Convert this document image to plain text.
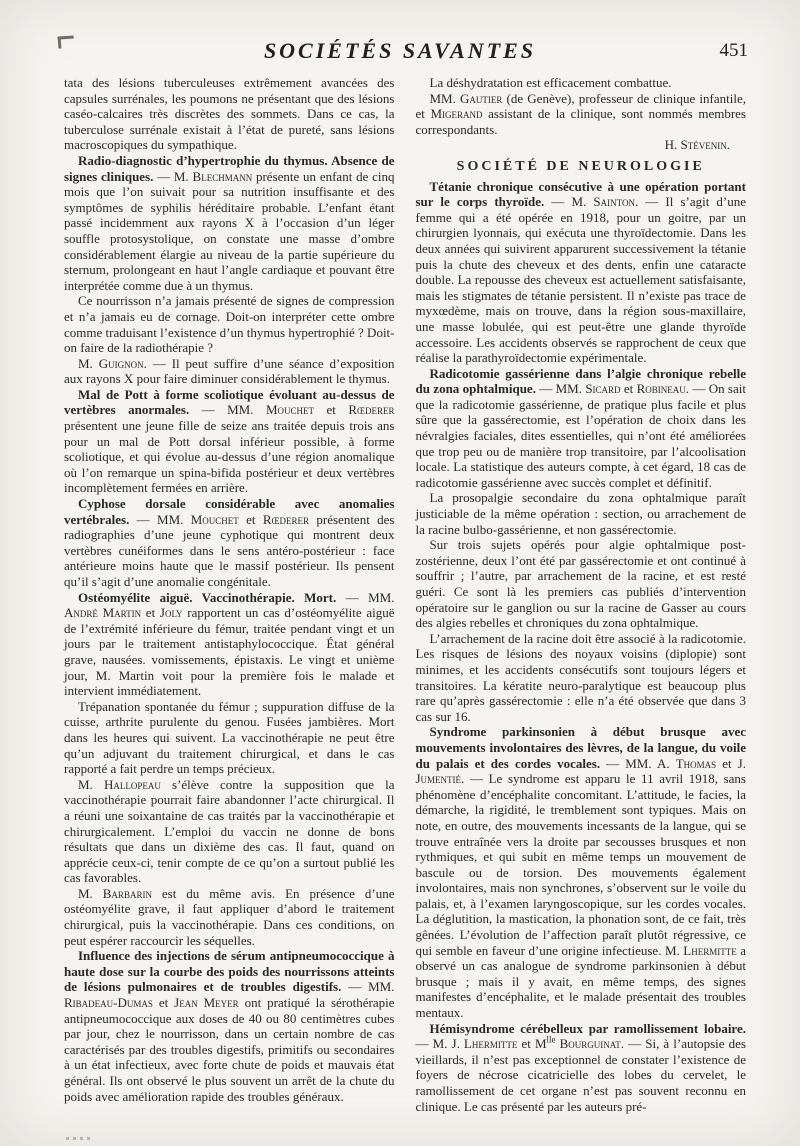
SOCIÉTÉS SAVANTES	451

tata des lésions tuberculeuses extrêmement avancées des capsules surrénales, les poumons ne présentant que des lésions caséo-calcaires très discrètes des sommets. Dans ce cas, la tuberculose surrénale existait à l’état de pureté, sans lésions macroscopiques du sympathique.

Radio-diagnostic d’hypertrophie du thymus. Absence de signes cliniques. — M. Blechmann présente un enfant de cinq mois que l’on suivait pour sa nutrition insuffisante et des symptômes de syphilis héréditaire probable. L’enfant étant passé incidemment aux rayons X à l’occasion d’un léger souffle protosystolique, on constate une masse d’ombre considérablement élargie au niveau de la partie supérieure du sternum, prolongeant en haut l’angle cardiaque et pouvant être interprétée comme due à un thymus.

Ce nourrisson n’a jamais présenté de signes de compression et n’a jamais eu de cornage. Doit-on interpréter cette ombre comme traduisant l’existence d’un thymus hypertrophié ? Doit-on faire de la radiothérapie ?

M. Guignon. — Il peut suffire d’une séance d’exposition aux rayons X pour faire diminuer considérablement le thymus.

Mal de Pott à forme scoliotique évoluant au-dessus de vertèbres anormales. — MM. Mouchet et Rœderer présentent une jeune fille de seize ans traitée depuis trois ans pour un mal de Pott dorsal inférieur possible, à forme scoliotique, et qui évolue au-dessus d’une région anomalique où l’on remarque un spina-bifida postérieur et deux vertèbres incomplètement fermées en arrière.

Cyphose dorsale considérable avec anomalies vertébrales. — MM. Mouchet et Rœderer présentent des radiographies d’une jeune cyphotique qui montrent deux vertèbres cunéiformes dans le sens antéro-postérieur : face antérieure moins haute que le massif postérieur. Ils pensent qu’il s’agit d’une anomalie congénitale.

Ostéomyélite aiguë. Vaccinothérapie. Mort. — MM. André Martin et Joly rapportent un cas d’ostéomyélite aiguë de l’extrémité inférieure du fémur, traitée pendant vingt et un jours par le traitement antistaphylococcique. État général grave, nausées. vomissements, épistaxis. Le vingt et unième jour, M. Martin voit pour la première fois le malade et intervient immédiatement.

Trépanation spontanée du fémur ; suppuration diffuse de la cuisse, arthrite purulente du genou. Fusées jambières. Mort dans les heures qui suivent. La vaccinothérapie ne peut être qu’un adjuvant du traitement chirurgical, et dans le cas rapporté a fait perdre un temps précieux.

M. Hallopeau s’élève contre la supposition que la vaccinothérapie pourrait faire abandonner l’acte chirurgical. Il a réuni une soixantaine de cas traités par la vaccinothérapie et chirurgicalement. L’emploi du vaccin ne donne de bons résultats que dans un dixième des cas. Il faut, quand on apprécie ceux-ci, tenir compte de ce qu’on a surtout publié les cas favorables.

M. Barbarin est du même avis. En présence d’une ostéomyélite grave, il faut appliquer d’abord le traitement chirurgical, puis la vaccinothérapie. Dans ces conditions, on peut espérer raccourcir les séquelles.

Influence des injections de sérum antipneumococcique à haute dose sur la courbe des poids des nourrissons atteints de lésions pulmonaires et de troubles digestifs. — MM. Ribadeau-Dumas et Jean Meyer ont pratiqué la sérothérapie antipneumococcique aux doses de 40 ou 80 centimètres cubes par jour, chez le nourrisson, dans un certain nombre de cas caractérisés par des troubles digestifs, primitifs ou secondaires à un état infectieux, avec forte chute de poids et mauvais état général. Ils ont observé le plus souvent un arrêt de la chute du poids avec amélioration rapide des troubles généraux.

La déshydratation est efficacement combattue.

MM. Gautier (de Genève), professeur de clinique infantile, et Migerand assistant de la clinique, sont nommés membres correspondants.

H. Stévenin.

SOCIÉTÉ DE NEUROLOGIE

Tétanie chronique consécutive à une opération portant sur le corps thyroïde. — M. Sainton. — Il s’agit d’une femme qui a été opérée en 1918, pour un goitre, par un chirurgien lyonnais, qui exécuta une thyroïdectomie. Dans les deux années qui suivirent apparurent successivement la tétanie puis la chute des cheveux et des dents, enfin une cataracte double. La repousse des cheveux est actuellement satisfaisante, mais les stigmates de tétanie persistent. Il n’existe pas trace de myxœdème, mais on trouve, dans la région sous-maxillaire, une masse lobulée, qui est peut-être une glande thyroïde accessoire. Les accidents observés se rapprochent de ceux que réalise la parathyroïdectomie expérimentale.

Radicotomie gassérienne dans l’algie chronique rebelle du zona ophtalmique. — MM. Sicard et Robineau. — On sait que la radicotomie gassérienne, de pratique plus facile et plus sûre que la gassérectomie, est l’opération de choix dans les névralgies faciales, dites essentielles, qui n’ont été améliorées que trop peu ou de manière trop transitoire, par l’alcoolisation locale. La statistique des auteurs compte, à cet égard, 18 cas de radicotomie gassérienne avec succès complet et définitif.

La prosopalgie secondaire du zona ophtalmique paraît justiciable de la même opération : section, ou arrachement de la racine bulbo-gassérienne, et non gassérectomie.

Sur trois sujets opérés pour algie ophtalmique post-zostérienne, deux l’ont été par gassérectomie et ont continué à souffrir ; l’autre, par arrachement de la racine, et est resté guéri. Ce sont là les premiers cas publiés d’intervention opératoire sur le ganglion ou sur la racine de Gasser au cours des algies rebelles et chroniques du zona ophtalmique.

L’arrachement de la racine doit être associé à la radicotomie. Les risques de lésions des noyaux voisins (diplopie) sont minimes, et les accidents consécutifs sont toujours légers et transitoires. La kératite neuro-paralytique est beaucoup plus rare qu’après gassérectomie : elle n’a été observée que dans 3 cas sur 16.

Syndrome parkinsonien à début brusque avec mouvements involontaires des lèvres, de la langue, du voile du palais et des cordes vocales. — MM. A. Thomas et J. Jumentié. — Le syndrome est apparu le 11 avril 1918, sans phénomène d’encéphalite concomitant. L’attitude, le facies, la démarche, la rigidité, le tremblement sont typiques. Mais on note, en outre, des mouvements incessants de la langue, qui se trouve entraînée vers la droite par secousses brusques et non rythmiques, et qui subit en même temps un mouvement de bascule ou de torsion. Des mouvements également involontaires, mais non synchrones, s’observent sur le voile du palais, et, à l’examen laryngoscopique, sur les cordes vocales. La déglutition, la mastication, la phonation sont, de ce fait, très gênées. L’évolution de l’affection paraît plutôt régressive, ce qui semble en faveur d’une origine infectieuse. M. Lhermitte a observé un cas analogue de syndrome parkinsonien à début brusque ; mais il y avait, en même temps, des signes manifestes d’encéphalite, et le malade présentait des troubles mentaux.

Hémisyndrome cérébelleux par ramollissement lobaire. — M. J. Lhermitte et $M^{lle}$ Bourguinat. — Si, à l’autopsie des vieillards, il n’est pas exceptionnel de constater l’existence de foyers de nécrose cicatricielle des lobes du cervelet, le ramollissement de cet organe n’est pas souvent reconnu en clinique. Le cas présenté par les auteurs pré-
